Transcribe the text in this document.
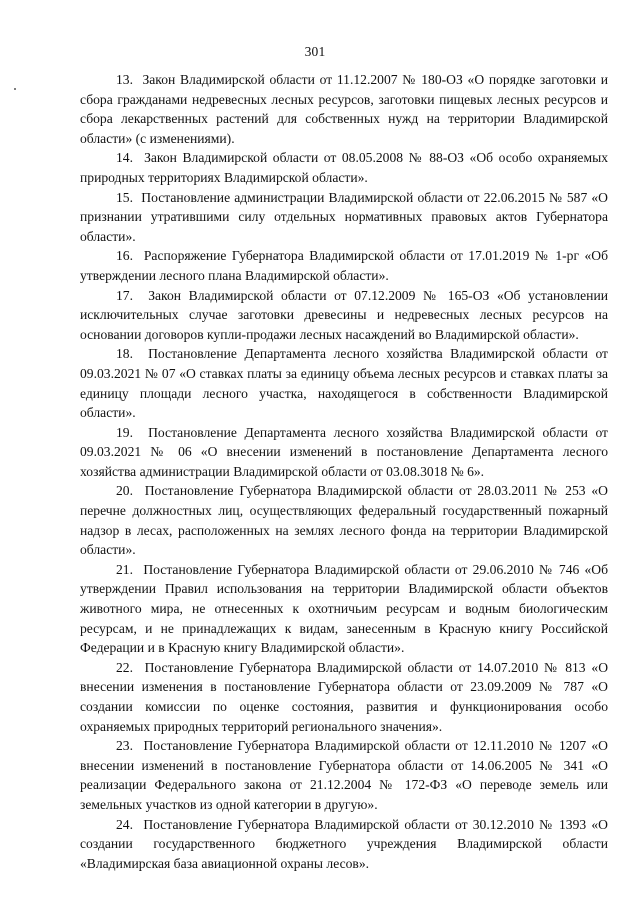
301

13. Закон Владимирской области от 11.12.2007 № 180-ОЗ «О порядке заготовки и сбора гражданами недревесных лесных ресурсов, заготовки пищевых лесных ресурсов и сбора лекарственных растений для собственных нужд на территории Владимирской области» (с изменениями).

14. Закон Владимирской области от 08.05.2008 № 88-ОЗ «Об особо охраняемых природных территориях Владимирской области».

15. Постановление администрации Владимирской области от 22.06.2015 № 587 «О признании утратившими силу отдельных нормативных правовых актов Губернатора области».

16. Распоряжение Губернатора Владимирской области от 17.01.2019 № 1-рг «Об утверждении лесного плана Владимирской области».

17. Закон Владимирской области от 07.12.2009 № 165-ОЗ «Об установлении исключительных случае заготовки древесины и недревесных лесных ресурсов на основании договоров купли-продажи лесных насаждений во Владимирской области».

18. Постановление Департамента лесного хозяйства Владимирской области от 09.03.2021 № 07 «О ставках платы за единицу объема лесных ресурсов и ставках платы за единицу площади лесного участка, находящегося в собственности Владимирской области».

19. Постановление Департамента лесного хозяйства Владимирской области от 09.03.2021 № 06 «О внесении изменений в постановление Департамента лесного хозяйства администрации Владимирской области от 03.08.3018 № 6».

20. Постановление Губернатора Владимирской области от 28.03.2011 № 253 «О перечне должностных лиц, осуществляющих федеральный государственный пожарный надзор в лесах, расположенных на землях лесного фонда на территории Владимирской области».

21. Постановление Губернатора Владимирской области от 29.06.2010 № 746 «Об утверждении Правил использования на территории Владимирской области объектов животного мира, не отнесенных к охотничьим ресурсам и водным биологическим ресурсам, и не принадлежащих к видам, занесенным в Красную книгу Российской Федерации и в Красную книгу Владимирской области».

22. Постановление Губернатора Владимирской области от 14.07.2010 № 813 «О внесении изменения в постановление Губернатора области от 23.09.2009 № 787 «О создании комиссии по оценке состояния, развития и функционирования особо охраняемых природных территорий регионального значения».

23. Постановление Губернатора Владимирской области от 12.11.2010 № 1207 «О внесении изменений в постановление Губернатора области от 14.06.2005 № 341 «О реализации Федерального закона от 21.12.2004 № 172-ФЗ «О переводе земель или земельных участков из одной категории в другую».

24. Постановление Губернатора Владимирской области от 30.12.2010 № 1393 «О создании государственного бюджетного учреждения Владимирской области «Владимирская база авиационной охраны лесов».
